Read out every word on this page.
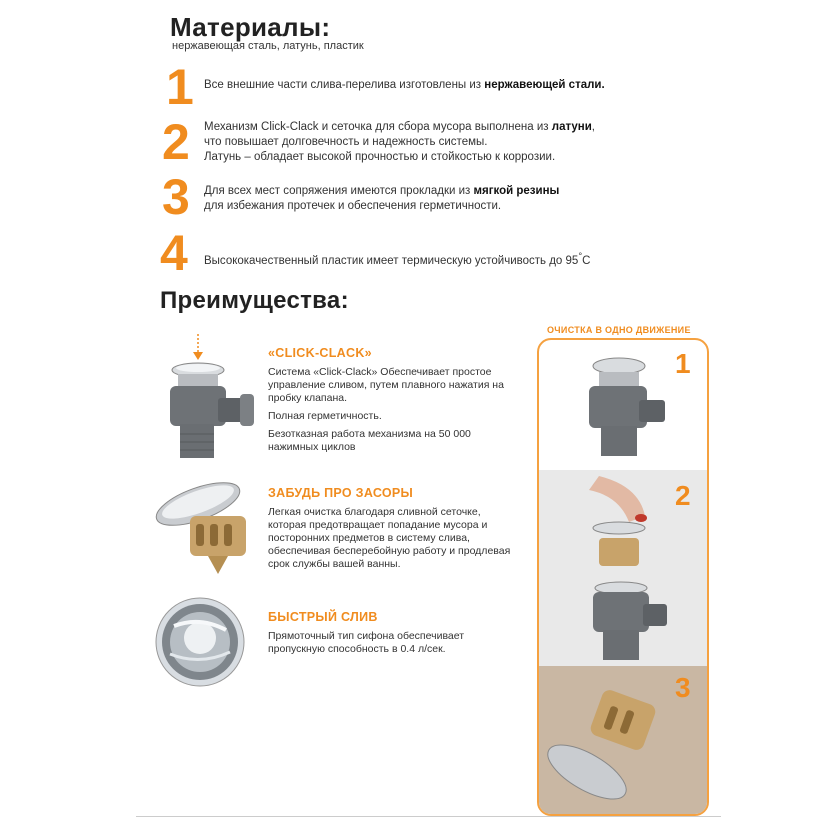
Материалы:
нержавеющая сталь, латунь, пластик
1 Все внешние части слива-перелива изготовлены из нержавеющей стали.
2 Механизм Click-Clack и сеточка для сбора мусора выполнена из латуни,
что повышает долговечность и надежность системы.
Латунь – обладает высокой прочностью и стойкостью к коррозии.
3 Для всех мест сопряжения имеются прокладки из мягкой резины
для избежания протечек и обеспечения герметичности.
4 Высококачественный пластик имеет термическую устойчивость до 95°С
Преимущества:
«CLICK-CLACK»

Система «Click-Clack» Обеспечивает простое управление сливом, путем плавного нажатия на пробку клапана.

Полная герметичность.

Безотказная работа механизма на 50 000 нажимных циклов

ЗАБУДЬ ПРО ЗАСОРЫ

Легкая очистка благодаря сливной сеточке, которая предотвращает попадание мусора и посторонних предметов в систему слива, обеспечивая бесперебойную работу и продлевая срок службы вашей ванны.

БЫСТРЫЙ СЛИВ

Прямоточный тип сифона обеспечивает пропускную способность в 0.4 л/сек.

ОЧИСТКА В ОДНО ДВИЖЕНИЕ
1
2
3
